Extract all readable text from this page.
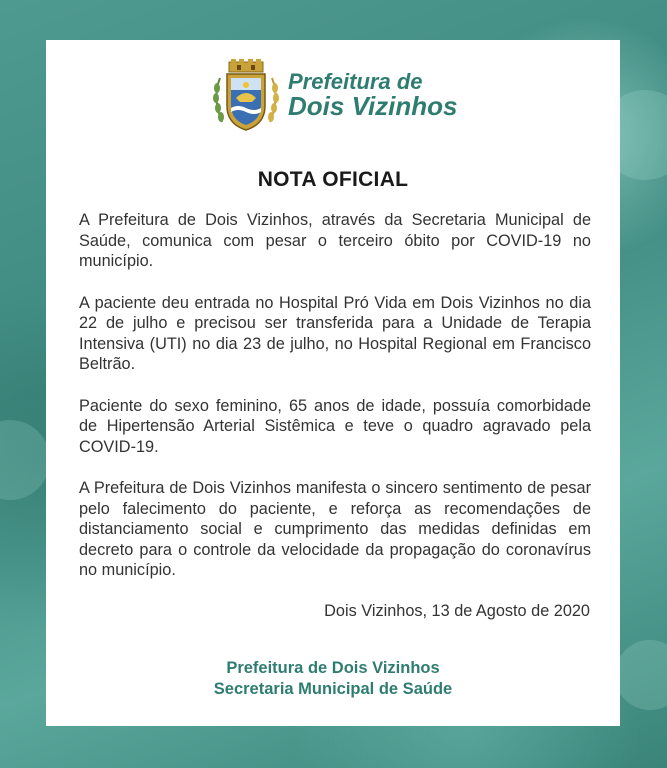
Prefeitura de
Dois Vizinhos
NOTA OFICIAL

A Prefeitura de Dois Vizinhos, através da Secretaria Municipal de Saúde, comunica com pesar o terceiro óbito por COVID-19 no município.

A paciente deu entrada no Hospital Pró Vida em Dois Vizinhos no dia 22 de julho e precisou ser transferida para a Unidade de Terapia Intensiva (UTI) no dia 23 de julho, no Hospital Regional em Francisco Beltrão.

Paciente do sexo feminino, 65 anos de idade, possuía comorbidade de Hipertensão Arterial Sistêmica e teve o quadro agravado pela COVID-19.

A Prefeitura de Dois Vizinhos manifesta o sincero sentimento de pesar pelo falecimento do paciente, e reforça as recomendações de distanciamento social e cumprimento das medidas definidas em decreto para o controle da velocidade da propagação do coronavírus no município.

Dois Vizinhos, 13 de Agosto de 2020
Prefeitura de Dois Vizinhos
Secretaria Municipal de Saúde
